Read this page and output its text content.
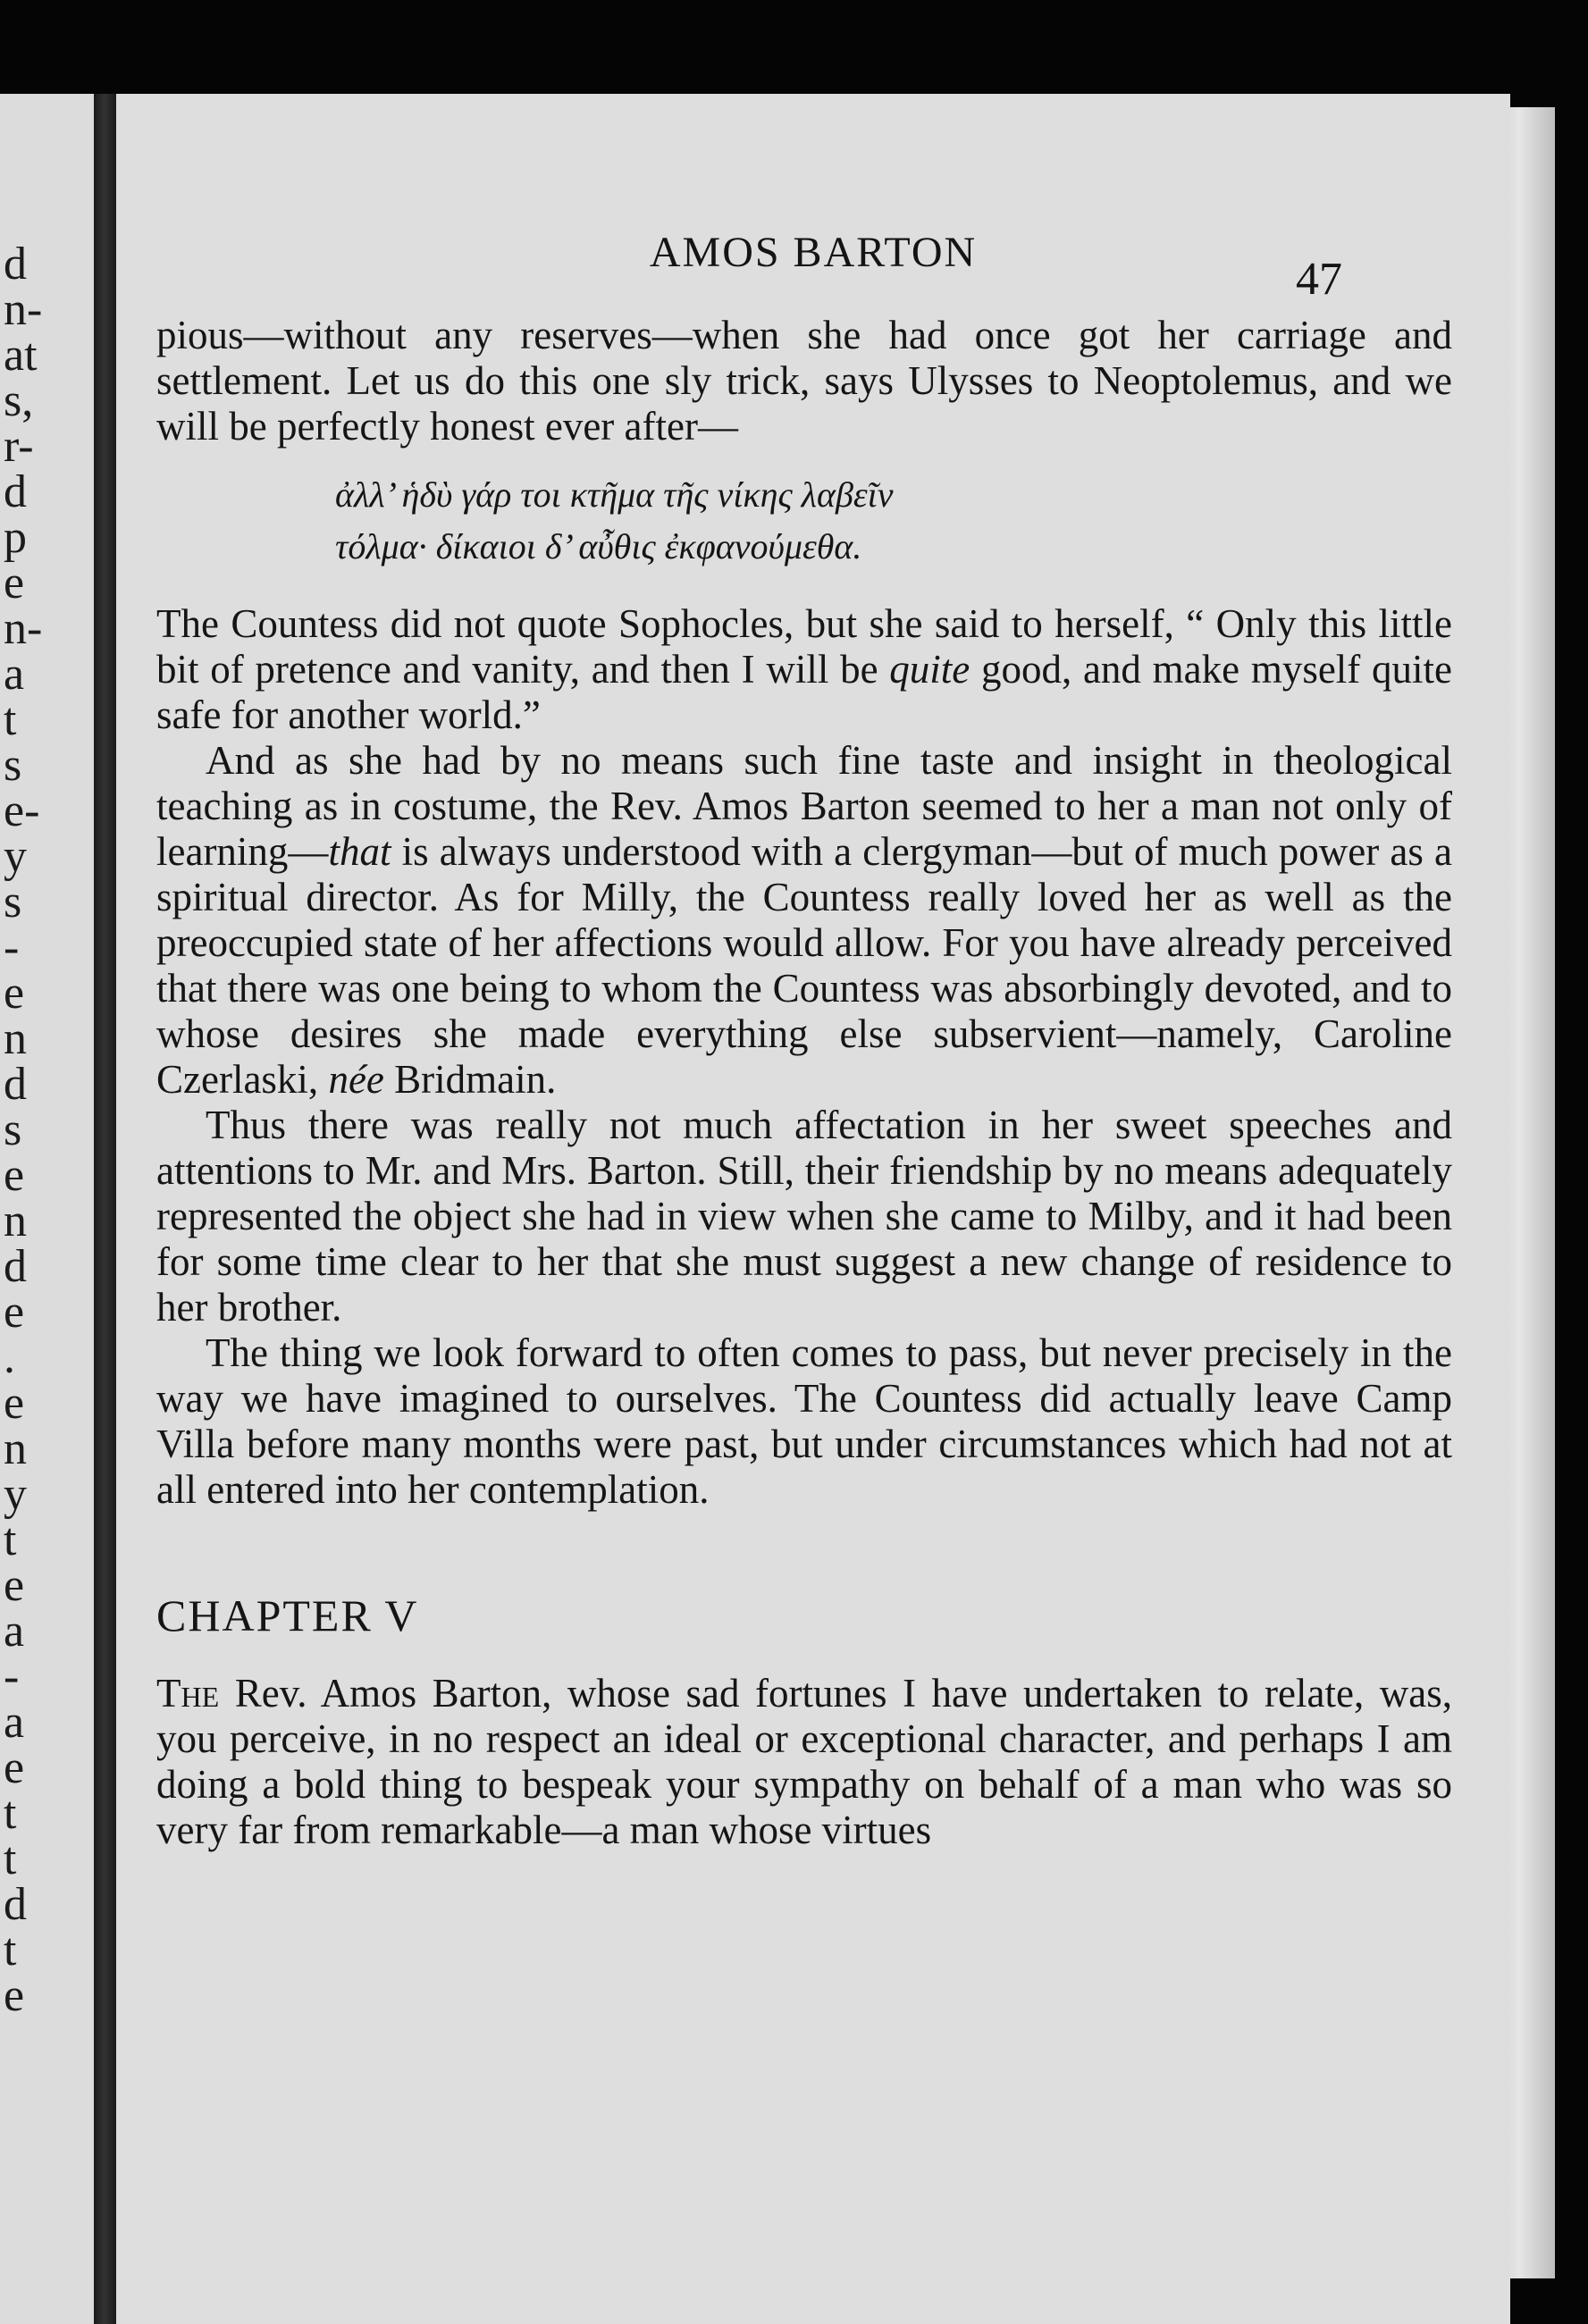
d
n-
at
s,
r-
d
p
e
n-
a
t
s
e-
y
s
-
e
n
d
s
e
n
d
e
.
e
n
y
t
e
a
-
a
e
t
t
d
t
e
AMOS BARTON
47

pious—without any reserves—when she had once got her carriage and settlement. Let us do this one sly trick, says Ulysses to Neoptolemus, and we will be perfectly honest ever after—

ἀλλ’ ἡδὺ γάρ τοι κτῆμα τῆς νίκης λαβεῖν
τόλμα· δίκαιοι δ’ αὖθις ἐκφανούμεθα.

The Countess did not quote Sophocles, but she said to herself, “ Only this little bit of pretence and vanity, and then I will be quite good, and make myself quite safe for another world.”

And as she had by no means such fine taste and insight in theological teaching as in costume, the Rev. Amos Barton seemed to her a man not only of learning—that is always understood with a clergyman—but of much power as a spiritual director. As for Milly, the Countess really loved her as well as the preoccupied state of her affections would allow. For you have already perceived that there was one being to whom the Countess was absorbingly devoted, and to whose desires she made everything else subservient—namely, Caroline Czerlaski, née Bridmain.

Thus there was really not much affectation in her sweet speeches and attentions to Mr. and Mrs. Barton. Still, their friendship by no means adequately represented the object she had in view when she came to Milby, and it had been for some time clear to her that she must suggest a new change of residence to her brother.

The thing we look forward to often comes to pass, but never precisely in the way we have imagined to ourselves. The Countess did actually leave Camp Villa before many months were past, but under circumstances which had not at all entered into her contemplation.

CHAPTER V

The Rev. Amos Barton, whose sad fortunes I have undertaken to relate, was, you perceive, in no respect an ideal or exceptional character, and perhaps I am doing a bold thing to bespeak your sympathy on behalf of a man who was so very far from remarkable—a man whose virtues
